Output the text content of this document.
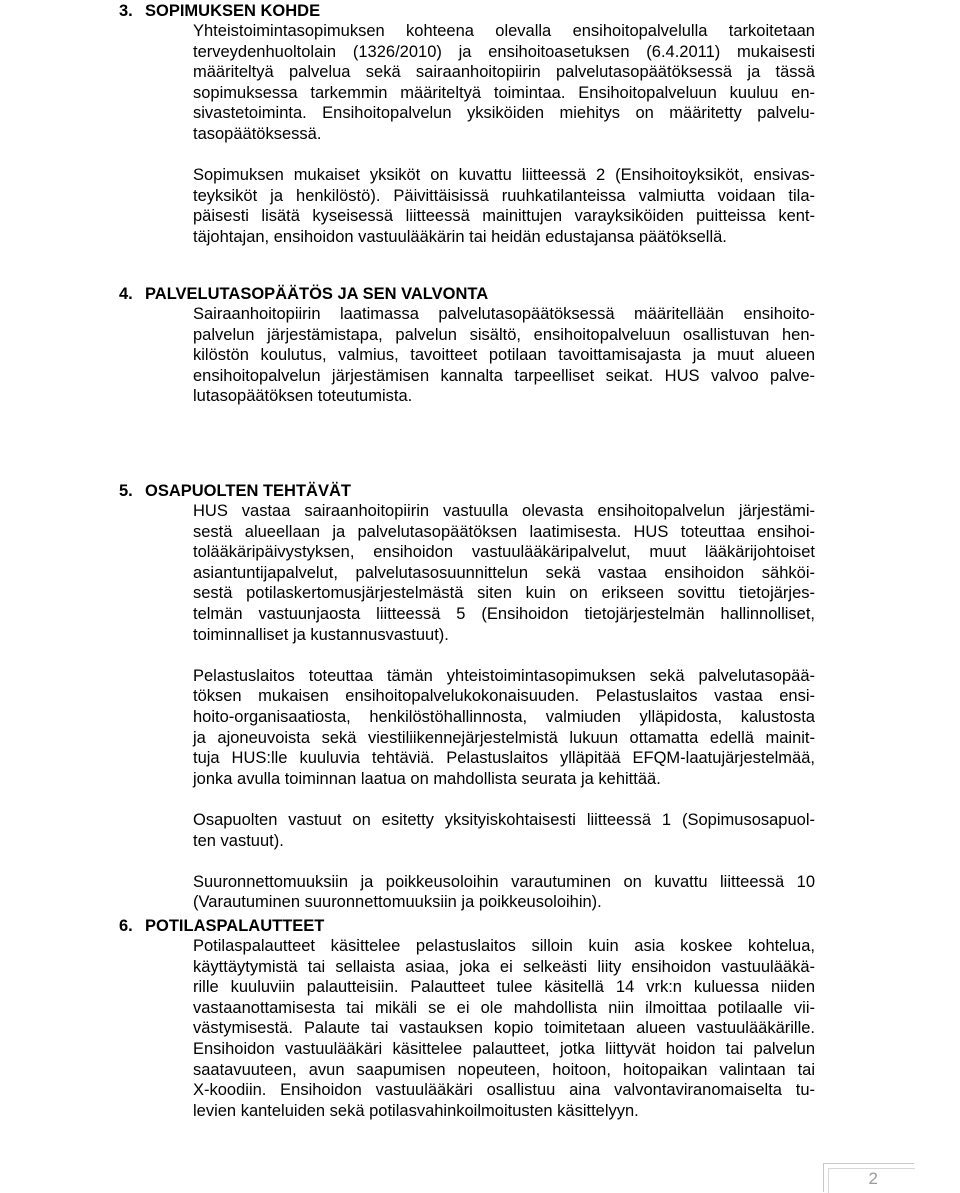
3. SOPIMUKSEN KOHDE
Yhteistoimintasopimuksen kohteena olevalla ensihoitopalvelulla tarkoitetaan
terveydenhuoltolain (1326/2010) ja ensihoitoasetuksen (6.4.2011) mukaisesti
määriteltyä palvelua sekä sairaanhoitopiirin palvelutasopäätöksessä ja tässä
sopimuksessa tarkemmin määriteltyä toimintaa. Ensihoitopalveluun kuuluu en-
sivastetoiminta. Ensihoitopalvelun yksiköiden miehitys on määritetty palvelu-
tasopäätöksessä.
Sopimuksen mukaiset yksiköt on kuvattu liitteessä 2 (Ensihoitoyksiköt, ensivas-
teyksiköt ja henkilöstö). Päivittäisissä ruuhkatilanteissa valmiutta voidaan tila-
päisesti lisätä kyseisessä liitteessä mainittujen varayksiköiden puitteissa kent-
täjohtajan, ensihoidon vastuulääkärin tai heidän edustajansa päätöksellä.
4. PALVELUTASOPÄÄTÖS JA SEN VALVONTA
Sairaanhoitopiirin laatimassa palvelutasopäätöksessä määritellään ensihoito-
palvelun järjestämistapa, palvelun sisältö, ensihoitopalveluun osallistuvan hen-
kilöstön koulutus, valmius, tavoitteet potilaan tavoittamisajasta ja muut alueen
ensihoitopalvelun järjestämisen kannalta tarpeelliset seikat. HUS valvoo palve-
lutasopäätöksen toteutumista.
5. OSAPUOLTEN TEHTÄVÄT
HUS vastaa sairaanhoitopiirin vastuulla olevasta ensihoitopalvelun järjestämi-
sestä alueellaan ja palvelutasopäätöksen laatimisesta. HUS toteuttaa ensihoi-
tolääkäripäivystyksen, ensihoidon vastuulääkäripalvelut, muut lääkärijohtoiset
asiantuntijapalvelut, palvelutasosuunnittelun sekä vastaa ensihoidon sähköi-
sestä potilaskertomusjärjestelmästä siten kuin on erikseen sovittu tietojärjes-
telmän vastuunjaosta liitteessä 5 (Ensihoidon tietojärjestelmän hallinnolliset,
toiminnalliset ja kustannusvastuut).
Pelastuslaitos toteuttaa tämän yhteistoimintasopimuksen sekä palvelutasopää-
töksen mukaisen ensihoitopalvelukokonaisuuden. Pelastuslaitos vastaa ensi-
hoito-organisaatiosta, henkilöstöhallinnosta, valmiuden ylläpidosta, kalustosta
ja ajoneuvoista sekä viestiliikennejärjestelmistä lukuun ottamatta edellä mainit-
tuja HUS:lle kuuluvia tehtäviä. Pelastuslaitos ylläpitää EFQM-laatujärjestelmää,
jonka avulla toiminnan laatua on mahdollista seurata ja kehittää.
Osapuolten vastuut on esitetty yksityiskohtaisesti liitteessä 1 (Sopimusosapuol-
ten vastuut).
Suuronnettomuuksiin ja poikkeusoloihin varautuminen on kuvattu liitteessä 10
(Varautuminen suuronnettomuuksiin ja poikkeusoloihin).
6. POTILASPALAUTTEET
Potilaspalautteet käsittelee pelastuslaitos silloin kuin asia koskee kohtelua,
käyttäytymistä tai sellaista asiaa, joka ei selkeästi liity ensihoidon vastuulääkä-
rille kuuluviin palautteisiin. Palautteet tulee käsitellä 14 vrk:n kuluessa niiden
vastaanottamisesta tai mikäli se ei ole mahdollista niin ilmoittaa potilaalle vii-
västymisestä. Palaute tai vastauksen kopio toimitetaan alueen vastuulääkärille.
Ensihoidon vastuulääkäri käsittelee palautteet, jotka liittyvät hoidon tai palvelun
saatavuuteen, avun saapumisen nopeuteen, hoitoon, hoitopaikan valintaan tai
X-koodiin. Ensihoidon vastuulääkäri osallistuu aina valvontaviranomaiselta tu-
levien kanteluiden sekä potilasvahinkoilmoitusten käsittelyyn.
2
